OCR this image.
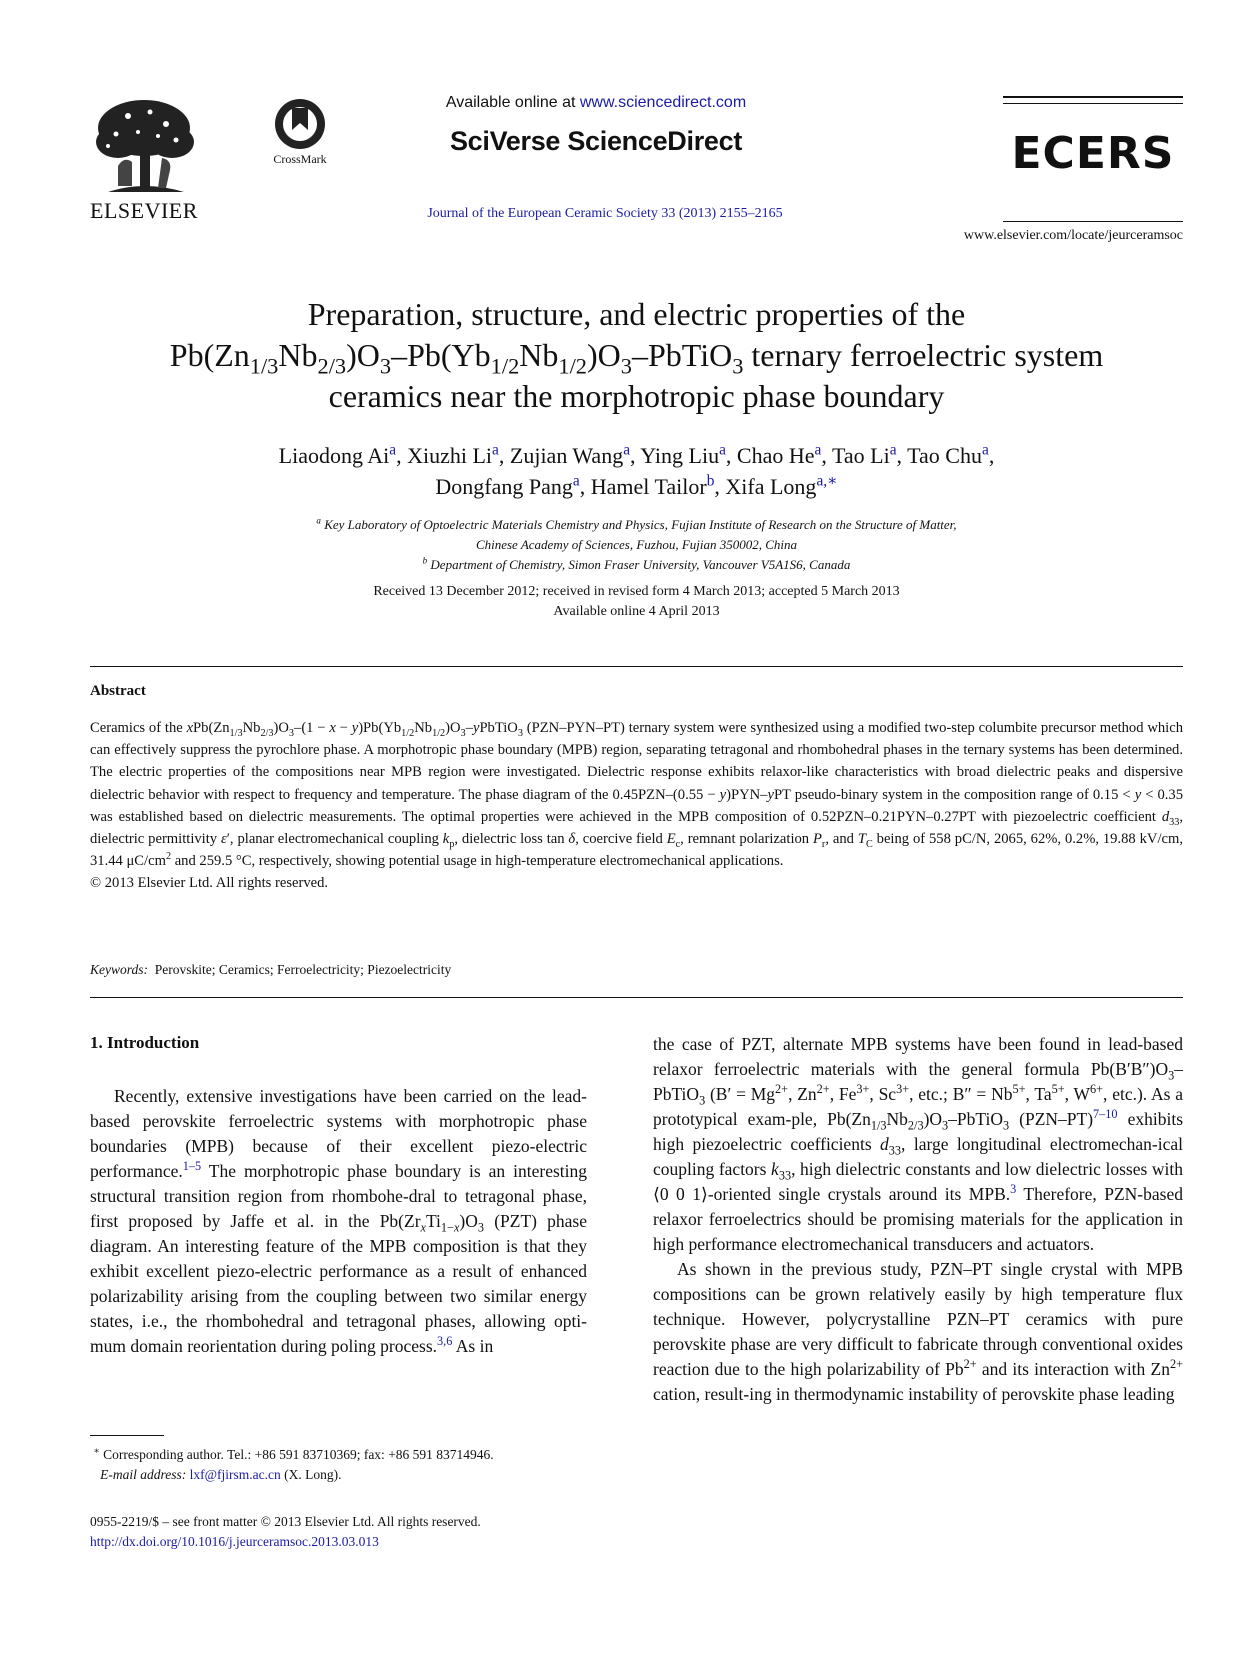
ELSEVIER
CrossMark
Available online at www.sciencedirect.com
SciVerse ScienceDirect
Journal of the European Ceramic Society 33 (2013) 2155–2165
ECERS
www.elsevier.com/locate/jeurceramsoc
Preparation, structure, and electric properties of the
$Pb(Zn_{1/3}Nb_{2/3})O_3-Pb(Yb_{1/2}Nb_{1/2})O_3-PbTiO_3$ ternary ferroelectric system
ceramics near the morphotropic phase boundary
Liaodong Ai$^a$, Xiuzhi Li$^a$, Zujian Wang$^a$, Ying Liu$^a$, Chao He$^a$, Tao Li$^a$, Tao Chu$^a$,
Dongfang Pang$^a$, Hamel Tailor$^b$, Xifa Long$^{a,∗}$
$^a$ Key Laboratory of Optoelectric Materials Chemistry and Physics, Fujian Institute of Research on the Structure of Matter,
Chinese Academy of Sciences, Fuzhou, Fujian 350002, China
$^b$ Department of Chemistry, Simon Fraser University, Vancouver V5A1S6, Canada
Received 13 December 2012; received in revised form 4 March 2013; accepted 5 March 2013
Available online 4 April 2013
Abstract
Ceramics of the $xPb(Zn_{1/3}Nb_{2/3})O_3-(1 - x$ − $y)Pb(Yb_{1/2}Nb_{1/2})O_3-yPbTiO_3$ (PZN–PYN–PT) ternary system were synthesized using a modified two-step columbite precursor method which can effectively suppress the pyrochlore phase. A morphotropic phase boundary (MPB) region, separating tetragonal and rhombohedral phases in the ternary systems has been determined. The electric properties of the compositions near MPB region were investigated. Dielectric response exhibits relaxor-like characteristics with broad dielectric peaks and dispersive dielectric behavior with respect to frequency and temperature. The phase diagram of the 0.45PZN–(0.55 − y)PYN–yPT pseudo-binary system in the composition range of 0.15 < y < 0.35 was established based on dielectric measurements. The optimal properties were achieved in the MPB composition of 0.52PZN–0.21PYN–0.27PT with piezoelectric coefficient $d_{33}$, dielectric permittivity ε′, planar electromechanical coupling $k_p$, dielectric loss tan δ, coercive field $E_c$, remnant polarization $P_r$, and $T_C$ being of 558 pC/N, 2065, 62%, 0.2%, 19.88 kV/cm, 31.44 $\mu C/cm^2$ and 259.5 °C, respectively, showing potential usage in high-temperature electromechanical applications.
© 2013 Elsevier Ltd. All rights reserved.
Keywords: Perovskite; Ceramics; Ferroelectricity; Piezoelectricity
1. Introduction

Recently, extensive investigations have been carried on the lead-based perovskite ferroelectric systems with morphotropic phase boundaries (MPB) because of their excellent piezo-electric performance.$^{1-5}$ The morphotropic phase boundary is an interesting structural transition region from rhombohe-dral to tetragonal phase, first proposed by Jaffe et al. in the $Pb(Zr_xTi_{1-x})O_3$ (PZT) phase diagram. An interesting feature of the MPB composition is that they exhibit excellent piezo-electric performance as a result of enhanced polarizability arising from the coupling between two similar energy states, i.e., the rhombohedral and tetragonal phases, allowing opti-mum domain reorientation during poling process.$^{3,6}$ As in

the case of PZT, alternate MPB systems have been found in lead-based relaxor ferroelectric materials with the general formula $Pb(B'B'')O_3-PbTiO_3$ ($B' = Mg^{2+}$, $Zn^{2+}$, $Fe^{3+}$, $Sc^{3+}$, etc.; $B'' = Nb^{5+}$, $Ta^{5+}$, $W^{6+}$, etc.). As a prototypical exam-ple, $Pb(Zn_{1/3}Nb_{2/3})O_3-PbTiO_3$ $(PZN-PT)^{7-10}$ exhibits high piezoelectric coefficients $d_{33}$, large longitudinal electromechan-ical coupling factors $k_{33}$, high dielectric constants and low dielectric losses with ⟨0 0 1⟩-oriented single crystals around its MPB.$^3$ Therefore, PZN-based relaxor ferroelectrics should be promising materials for the application in high performance electromechanical transducers and actuators.

As shown in the previous study, PZN–PT single crystal with MPB compositions can be grown relatively easily by high temperature flux technique. However, polycrystalline PZN–PT ceramics with pure perovskite phase are very difficult to fabricate through conventional oxides reaction due to the high polarizability of $Pb^{2+}$ and its interaction with $Zn^{2+}$ cation, result-ing in thermodynamic instability of perovskite phase leading

∗ Corresponding author. Tel.: +86 591 83710369; fax: +86 591 83714946.
E-mail address: lxf@fjirsm.ac.cn (X. Long).
0955-2219/$ – see front matter © 2013 Elsevier Ltd. All rights reserved.
http://dx.doi.org/10.1016/j.jeurceramsoc.2013.03.013
